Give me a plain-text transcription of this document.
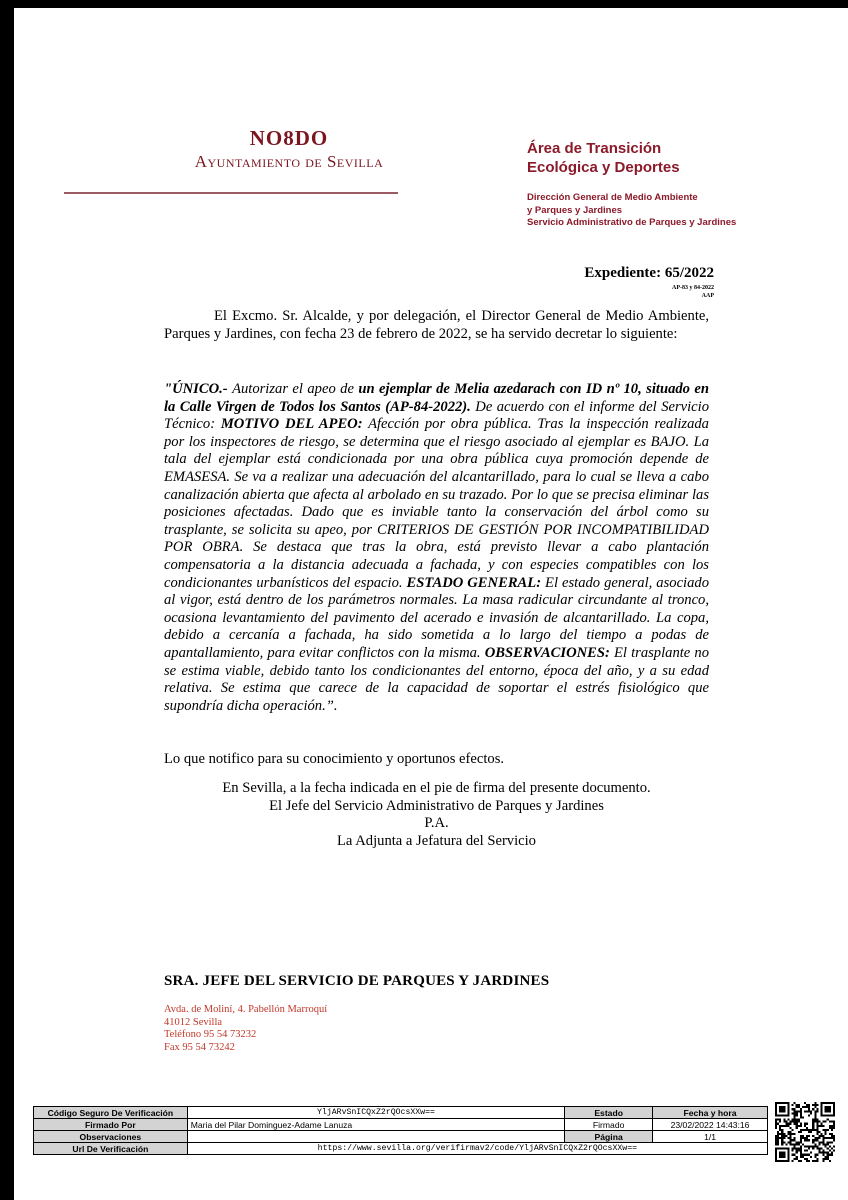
NO8DO
Ayuntamiento de Sevilla
Área de Transición
Ecológica y Deportes
Dirección General de Medio Ambiente
y Parques y Jardines
Servicio Administrativo de Parques y Jardines
Expediente: 65/2022
AP-83 y 84-2022
AAP
El Excmo. Sr. Alcalde, y por delegación, el Director General de Medio Ambiente, Parques y Jardines, con fecha 23 de febrero de 2022, se ha servido decretar lo siguiente:
"ÚNICO.- Autorizar el apeo de un ejemplar de Melia azedarach con ID nº 10, situado en la Calle Virgen de Todos los Santos (AP-84-2022). De acuerdo con el informe del Servicio Técnico: MOTIVO DEL APEO: Afección por obra pública. Tras la inspección realizada por los inspectores de riesgo, se determina que el riesgo asociado al ejemplar es BAJO. La tala del ejemplar está condicionada por una obra pública cuya promoción depende de EMASESA. Se va a realizar una adecuación del alcantarillado, para lo cual se lleva a cabo canalización abierta que afecta al arbolado en su trazado. Por lo que se precisa eliminar las posiciones afectadas. Dado que es inviable tanto la conservación del árbol como su trasplante, se solicita su apeo, por CRITERIOS DE GESTIÓN POR INCOMPATIBILIDAD POR OBRA. Se destaca que tras la obra, está previsto llevar a cabo plantación compensatoria a la distancia adecuada a fachada, y con especies compatibles con los condicionantes urbanísticos del espacio. ESTADO GENERAL: El estado general, asociado al vigor, está dentro de los parámetros normales. La masa radicular circundante al tronco, ocasiona levantamiento del pavimento del acerado e invasión de alcantarillado. La copa, debido a cercanía a fachada, ha sido sometida a lo largo del tiempo a podas de apantallamiento, para evitar conflictos con la misma. OBSERVACIONES: El trasplante no se estima viable, debido tanto los condicionantes del entorno, época del año, y a su edad relativa. Se estima que carece de la capacidad de soportar el estrés fisiológico que supondría dicha operación.”.
Lo que notifico para su conocimiento y oportunos efectos.
En Sevilla, a la fecha indicada en el pie de firma del presente documento.
El Jefe del Servicio Administrativo de Parques y Jardines
P.A.
La Adjunta a Jefatura del Servicio
SRA. JEFE DEL SERVICIO DE PARQUES Y JARDINES
Avda. de Moliní, 4. Pabellón Marroquí
41012 Sevilla
Teléfono 95 54 73232
Fax 95 54 73242
Código Seguro De Verificación	YljARvSnICQxZ2rQOcsXXw==	Estado	Fecha y hora
Firmado Por	Maria del Pilar Dominguez-Adame Lanuza	Firmado	23/02/2022 14:43:16
Observaciones		Página	1/1
Url De Verificación	https://www.sevilla.org/verifirmav2/code/YljARvSnICQxZ2rQOcsXXw==		
